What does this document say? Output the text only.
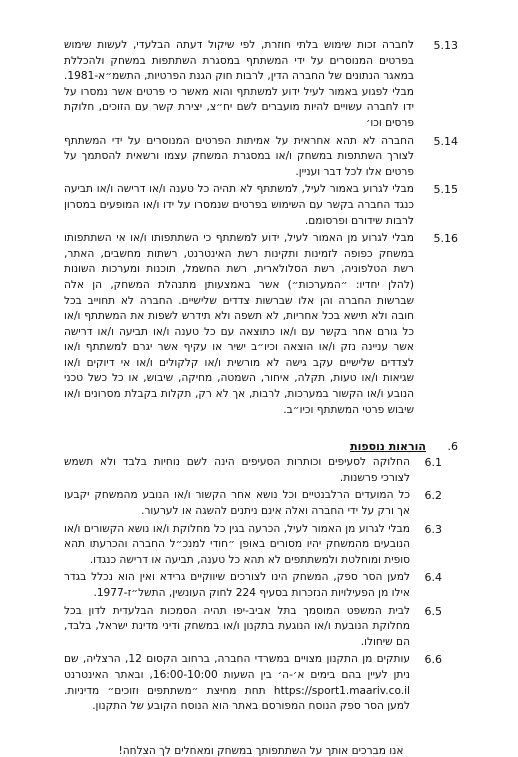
5.13
לחברה זכות שימוש בלתי חוזרת, לפי שיקול דעתה הבלעדי, לעשות שימוש בפרטים המנוסרים על ידי המשתתף במסגרת השתתפות במשחק ולהכללת במאגר הנתונים של החברה הדין, לרבות חוק הגנת הפרטיות, התשמ״א-1981. מבלי לפגוע באמור לעיל ידוע למשתתף והוא מאשר כי פרטים אשר נמסרו על ידו לחברה עשויים להיות מועברים לשם יח״צ, יצירת קשר עם הזוכים, חלוקת פרסים וכו׳
5.14
החברה לא תהא אחראית על אמיתות הפרטים המנוסרים על ידי המשתתף לצורך השתתפות במשחק ו/או במסגרת המשחק עצמו ורשאית להסתמך על פרטים אלו לכל דבר ועניין.
5.15
מבלי לגרוע באמור לעיל, למשתתף לא תהיה כל טענה ו/או דרישה ו/או תביעה כנגד החברה בקשר עם השימוש בפרטים שנמסרו על ידו ו/או המופעים במסרון לרבות שידורם ופרסומם.
5.16
מבלי לגרוע מן האמור לעיל, ידוע למשתתף כי השתתפותו ו/או אי השתתפותו במשחק כפופה לזמינות ותקינות רשת האינטרנט, רשתות מחשבים, האתר, רשת הטלפוניה, רשת הסלולארית, רשת החשמל, תוכנות ומערכות השונות (להלן יחדיו: ״המערכות״) אשר באמצעותן מתנהלת המשחק, הן אלה שברשות החברה והן אלו שברשות צדדים שלישיים. החברה לא תחוייב בכל חובה ולא תישא בכל אחריות, לא תשפה ולא תידרש לשפות את המשתתף ו/או כל גורם אחר בקשר עם ו/או כתוצאה עם כל טענה ו/או תביעה ו/או דרישה אשר עניינה נזק ו/או הוצאה וכיו״ב ישיר או עקיף אשר יגרם למשתתף ו/או לצדדים שלישיים עקב גישה לא מורשית ו/או קלקולים ו/או אי דיוקים ו/או שגיאות ו/או טעות, תקלה, איחור, השמטה, מחיקה, שיבוש, או כל כשל טכני הנובע ו/או הקשור במערכות, לרבות, אך לא רק, תקלות בקבלת מסרונים ו/או שיבוש פרטי המשתתף וכיו״ב.
.6
הוראות נוספות
6.1
החלוקה לסעיפים וכותרות הסעיפים הינה לשם נוחיות בלבד ולא תשמש לצורכי פרשנות.
6.2
כל המועדים הרלבנטיים וכל נושא אחר הקשור ו/או הנובע מהמשחק יקבעו אך ורק על ידי החברה ואלה אינם ניתנים להשגה או לערעור.
6.3
מבלי לגרוע מן האמור לעיל, הכרעה בגין כל מחלוקת ו/או נושא הקשורים ו/או הנובעים מהמשחק יהיו מסורים באופן ״חודי למנכ״ל החברה והכרעתו תהא סופית ומוחלטת ולמשתתפים לא תהא כל טענה, תביעה או דרישה כנגדו.
6.4
למען הסר ספק, המשחק הינו לצורכים שיווקיים גרידא ואין הוא נכלל בגדר אילו מן הפעילויות הנזכרות בסעיף 224 לחוק העונשין, התשל״ז-1977.
6.5
לבית המשפט המוסמך בתל אביב-יפו תהיה הסמכות הבלעדית לדון בכל מחלוקת הנובעת ו/או הנוגעת בתקנון ו/או במשחק ודיני מדינת ישראל, בלבד, הם שיחולו.
6.6
עותקים מן התקנון מצויים במשרדי החברה, ברחוב הקסום 12, הרצליה, שם ניתן לעיין בהם בימים א׳-ה׳ בין השעות 16:00-10:00, ובאתר האינטרנט https://sport1.maariv.co.il תחת מחיצת ״משתתפים וזוכים״ מדיניות. למען הסר ספק הנוסח המפורסם באתר הוא הנוסח הקובע של התקנון.
אנו מברכים אותך על השתתפותך במשחק ומאחלים לך הצלחה!
